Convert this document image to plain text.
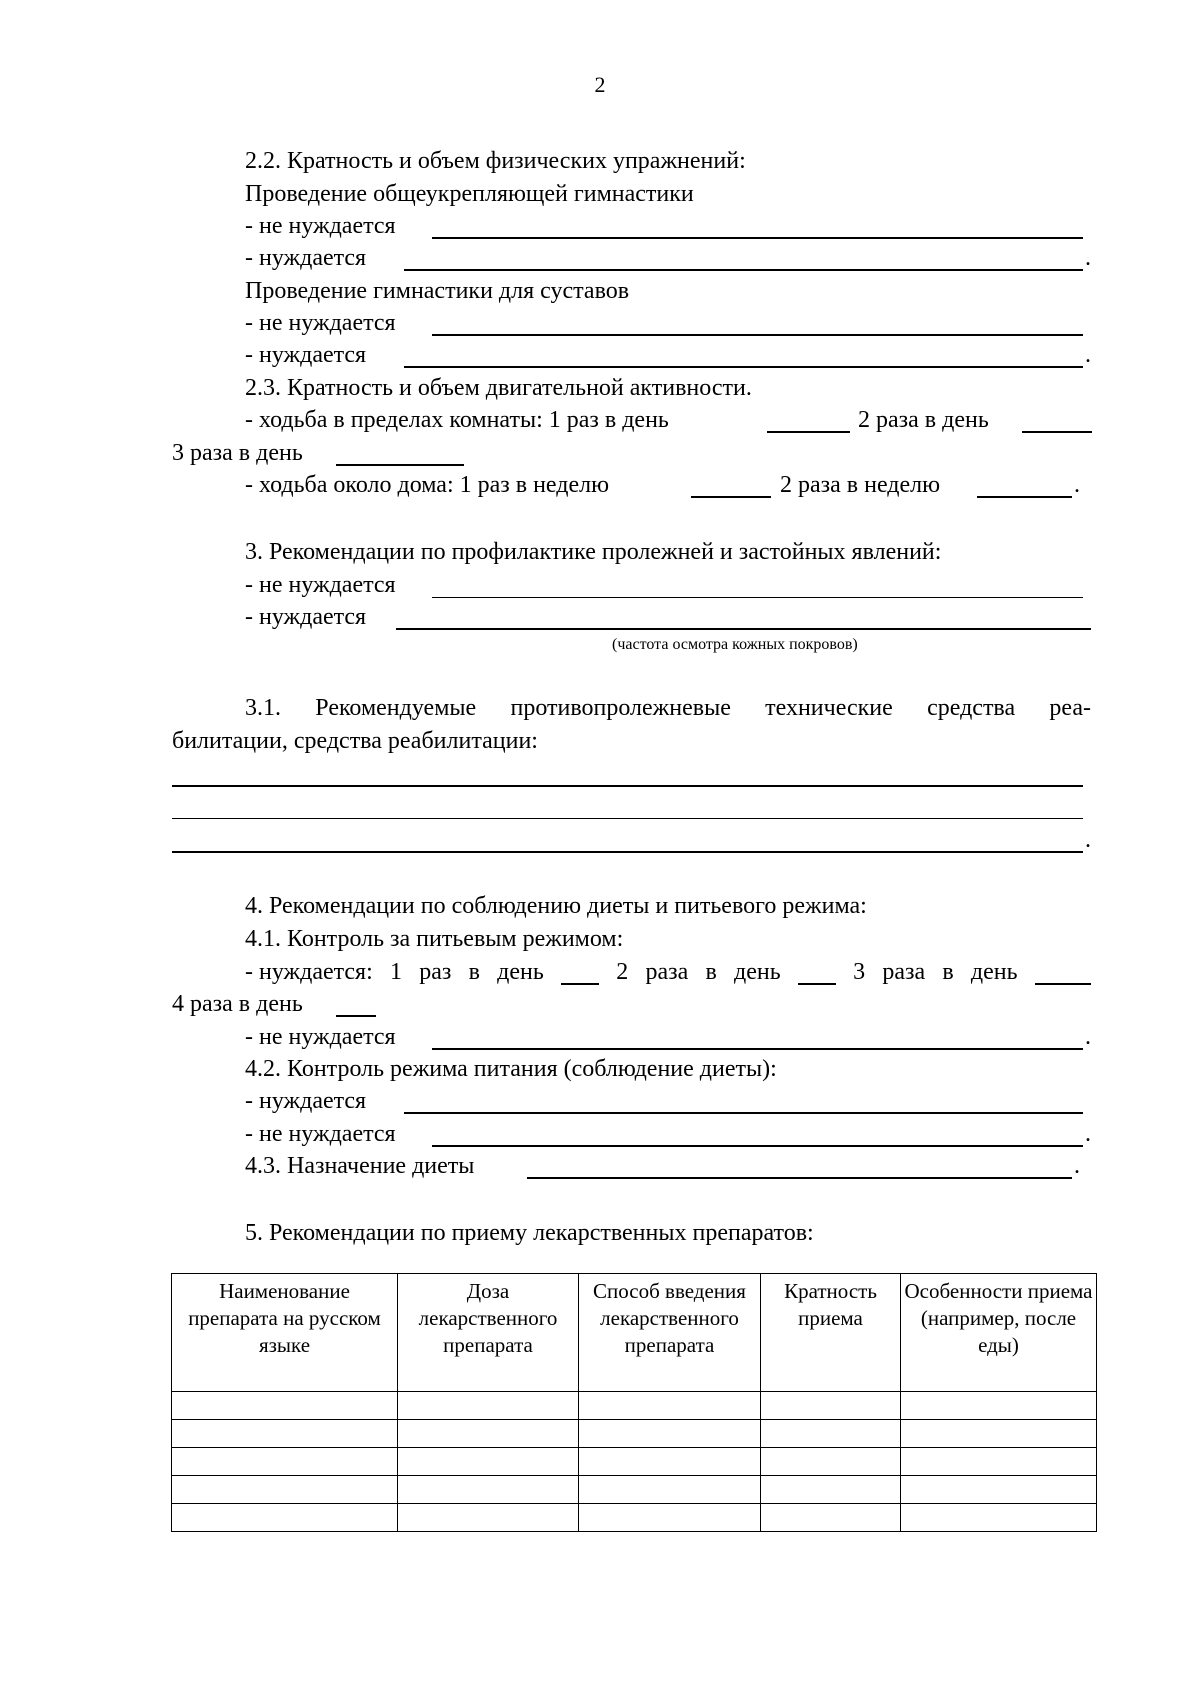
2
2.2. Кратность и объем физических упражнений:
Проведение общеукрепляющей гимнастики
- не нуждается
- нуждается	.
Проведение гимнастики для суставов
- не нуждается
- нуждается	.
2.3. Кратность и объем двигательной активности.
- ходьба в пределах комнаты: 1 раз в день	2 раза в день
3 раза в день
- ходьба около дома: 1 раз в неделю	2 раза в неделю	.
3. Рекомендации по профилактике пролежней и застойных явлений:
- не нуждается
- нуждается
(частота осмотра кожных покровов)
3.1. Рекомендуемые противопролежневые технические средства реа-
билитации, средства реабилитации:
.
4. Рекомендации по соблюдению диеты и питьевого режима:
4.1. Контроль за питьевым режимом:
- нуждается: 1 раз в день	2 раза в день	3 раза в день
4 раза в день
- не нуждается	.
4.2. Контроль режима питания (соблюдение диеты):
- нуждается
- не нуждается	.
4.3. Назначение диеты	.
5. Рекомендации по приему лекарственных препаратов:
Наименование препарата на русском языке	Доза лекарственного препарата	Способ введения лекарственного препарата	Кратность приема	Особенности приема (например, после еды)
